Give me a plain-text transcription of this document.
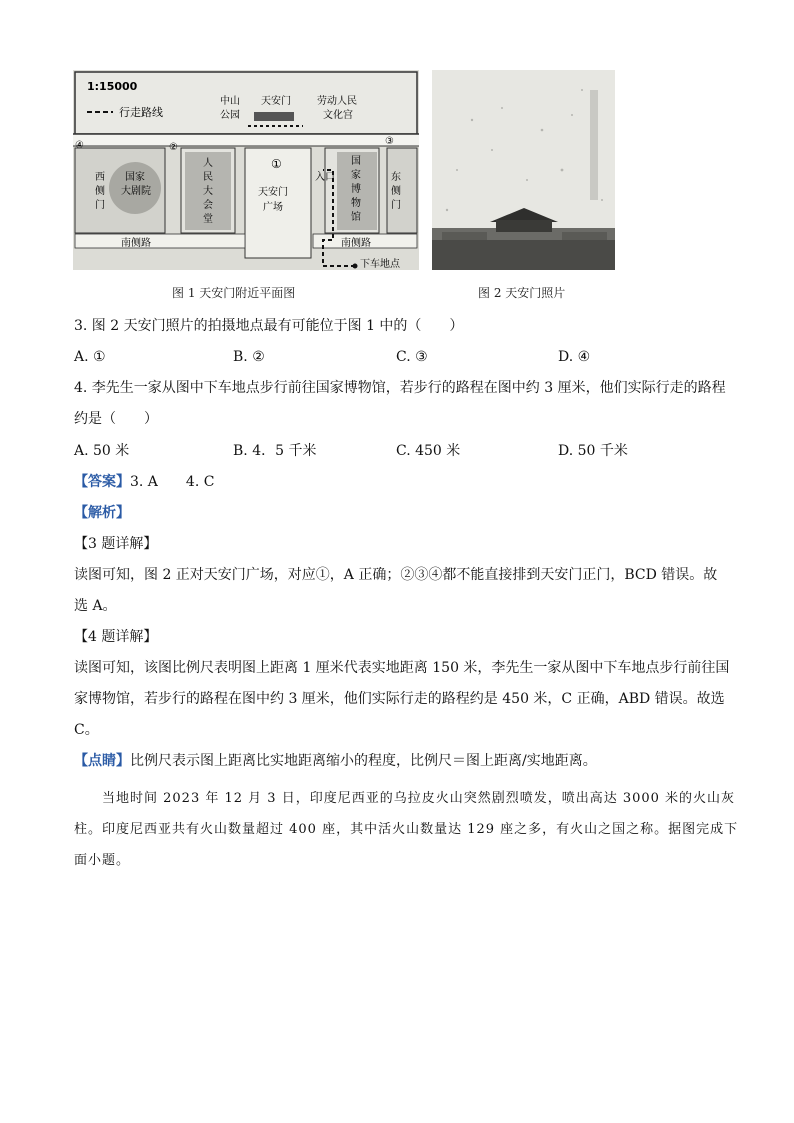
1:15000
行走路线
中山
公园
天安门	劳动人民
文化宫
国家
大剧院
西
侧
门
人
民
大
会
堂
天安门
广场
国
家
博
物
馆
入口	东
侧
门
南侧路	南侧路
下车地点
①
②
③
④
图 1 天安门附近平面图	图 2 天安门照片
3. 图 2 天安门照片的拍摄地点最有可能位于图 1 中的（　　）
A. ①	B. ②	C. ③	D. ④
4. 李先生一家从图中下车地点步行前往国家博物馆，若步行的路程在图中约 3 厘米，他们实际行走的路程
约是（　　）
A. 50 米	B. 4．5 千米	C. 450 米	D. 50 千米
【答案】3. A　　4. C
【解析】
【3 题详解】
读图可知，图 2 正对天安门广场，对应①，A 正确；②③④都不能直接排到天安门正门，BCD 错误。故
选 A。
【4 题详解】
读图可知，该图比例尺表明图上距离 1 厘米代表实地距离 150 米，李先生一家从图中下车地点步行前往国
家博物馆，若步行的路程在图中约 3 厘米，他们实际行走的路程约是 450 米，C 正确，ABD 错误。故选
C。
【点睛】比例尺表示图上距离比实地距离缩小的程度，比例尺＝图上距离/实地距离。
当地时间 2023 年 12 月 3 日，印度尼西亚的乌拉皮火山突然剧烈喷发，喷出高达 3000 米的火山灰
柱。印度尼西亚共有火山数量超过 400 座，其中活火山数量达 129 座之多，有火山之国之称。据图完成下
面小题。
